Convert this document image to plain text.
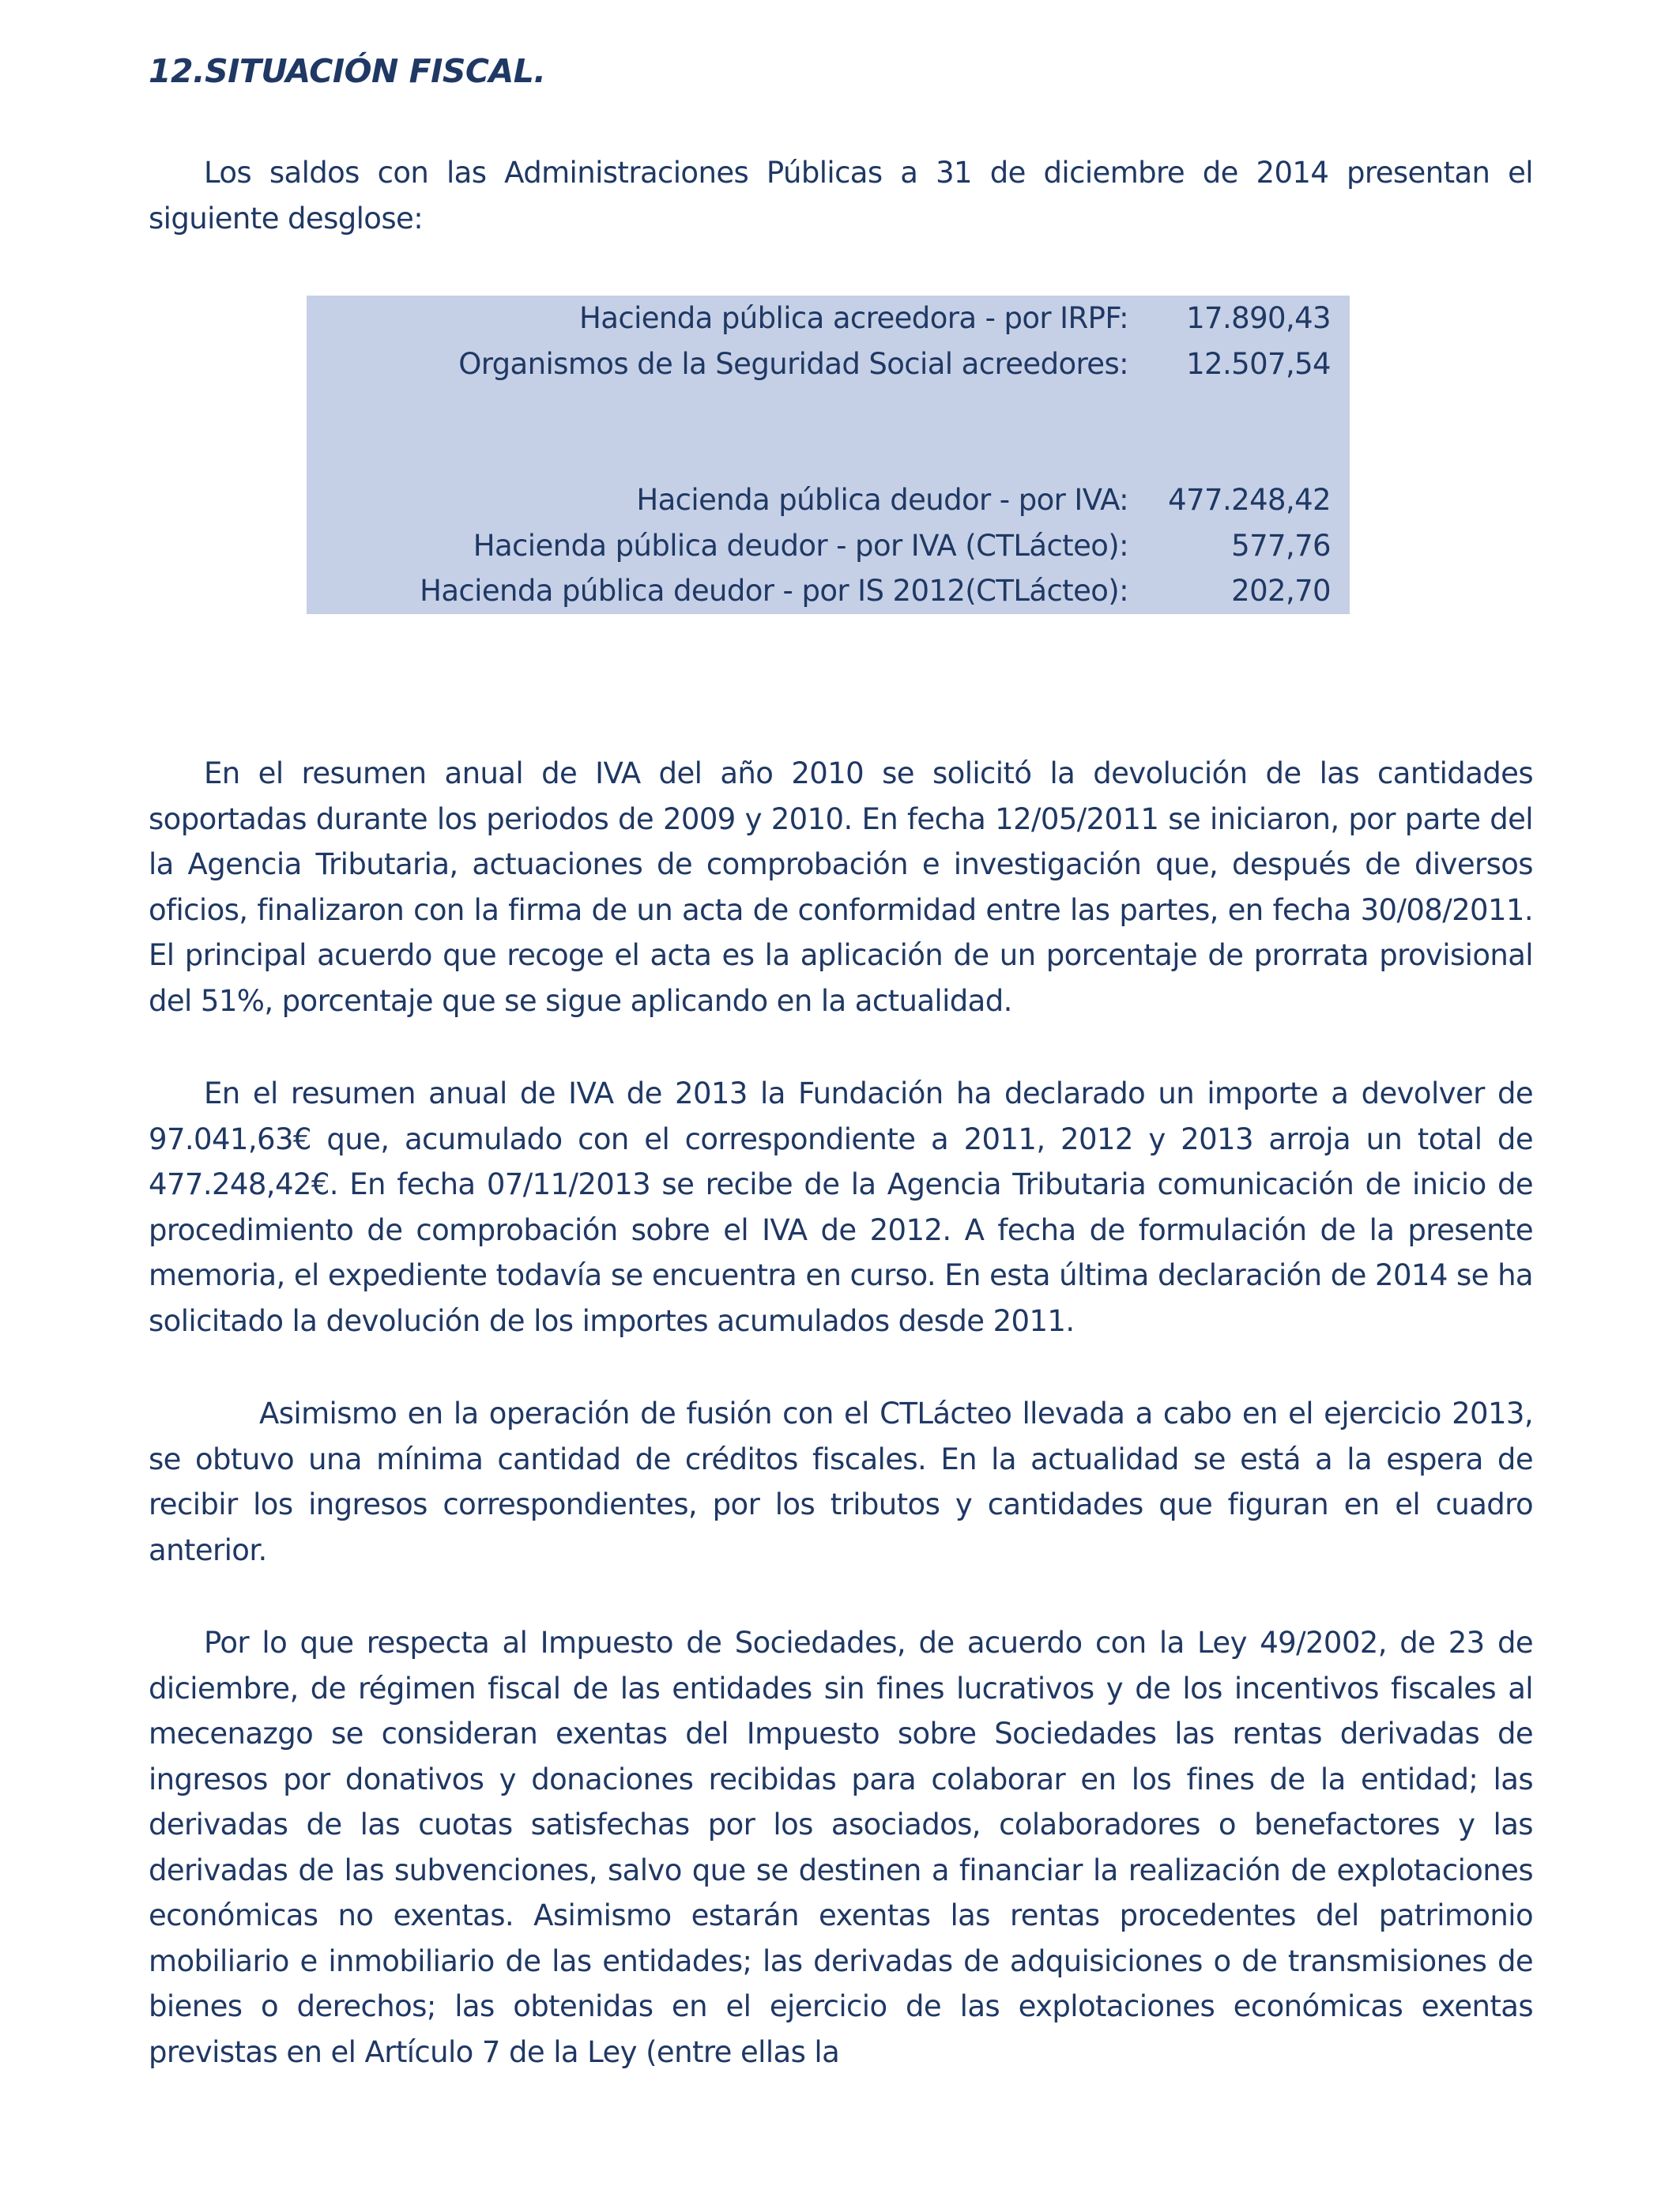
12.SITUACIÓN FISCAL.

Los saldos con las Administraciones Públicas a 31 de diciembre de 2014 presentan el siguiente desglose:

Hacienda pública acreedora - por IRPF:	17.890,43
Organismos de la Seguridad Social acreedores:	12.507,54
Hacienda pública deudor - por IVA:	477.248,42
Hacienda pública deudor - por IVA (CTLácteo):	577,76
Hacienda pública deudor - por IS 2012(CTLácteo):	202,70

En el resumen anual de IVA del año 2010 se solicitó la devolución de las cantidades soportadas durante los periodos de 2009 y 2010. En fecha 12/05/2011 se iniciaron, por parte del la Agencia Tributaria, actuaciones de comprobación e investigación que, después de diversos oficios, finalizaron con la firma de un acta de conformidad entre las partes, en fecha 30/08/2011. El principal acuerdo que recoge el acta es la aplicación de un porcentaje de prorrata provisional del 51%, porcentaje que se sigue aplicando en la actualidad.

En el resumen anual de IVA de 2013 la Fundación ha declarado un importe a devolver de 97.041,63€ que, acumulado con el correspondiente a 2011, 2012 y 2013 arroja un total de 477.248,42€. En fecha 07/11/2013 se recibe de la Agencia Tributaria comunicación de inicio de procedimiento de comprobación sobre el IVA de 2012. A fecha de formulación de la presente memoria, el expediente todavía se encuentra en curso. En esta última declaración de 2014 se ha solicitado la devolución de los importes acumulados desde 2011.

Asimismo en la operación de fusión con el CTLácteo llevada a cabo en el ejercicio 2013, se obtuvo una mínima cantidad de créditos fiscales. En la actualidad se está a la espera de recibir los ingresos correspondientes, por los tributos y cantidades que figuran en el cuadro anterior.

Por lo que respecta al Impuesto de Sociedades, de acuerdo con la Ley 49/2002, de 23 de diciembre, de régimen fiscal de las entidades sin fines lucrativos y de los incentivos fiscales al mecenazgo se consideran exentas del Impuesto sobre Sociedades las rentas derivadas de ingresos por donativos y donaciones recibidas para colaborar en los fines de la entidad; las derivadas de las cuotas satisfechas por los asociados, colaboradores o benefactores y las derivadas de las subvenciones, salvo que se destinen a financiar la realización de explotaciones económicas no exentas. Asimismo estarán exentas las rentas procedentes del patrimonio mobiliario e inmobiliario de las entidades; las derivadas de adquisiciones o de transmisiones de bienes o derechos; las obtenidas en el ejercicio de las explotaciones económicas exentas previstas en el Artículo 7 de la Ley (entre ellas la
